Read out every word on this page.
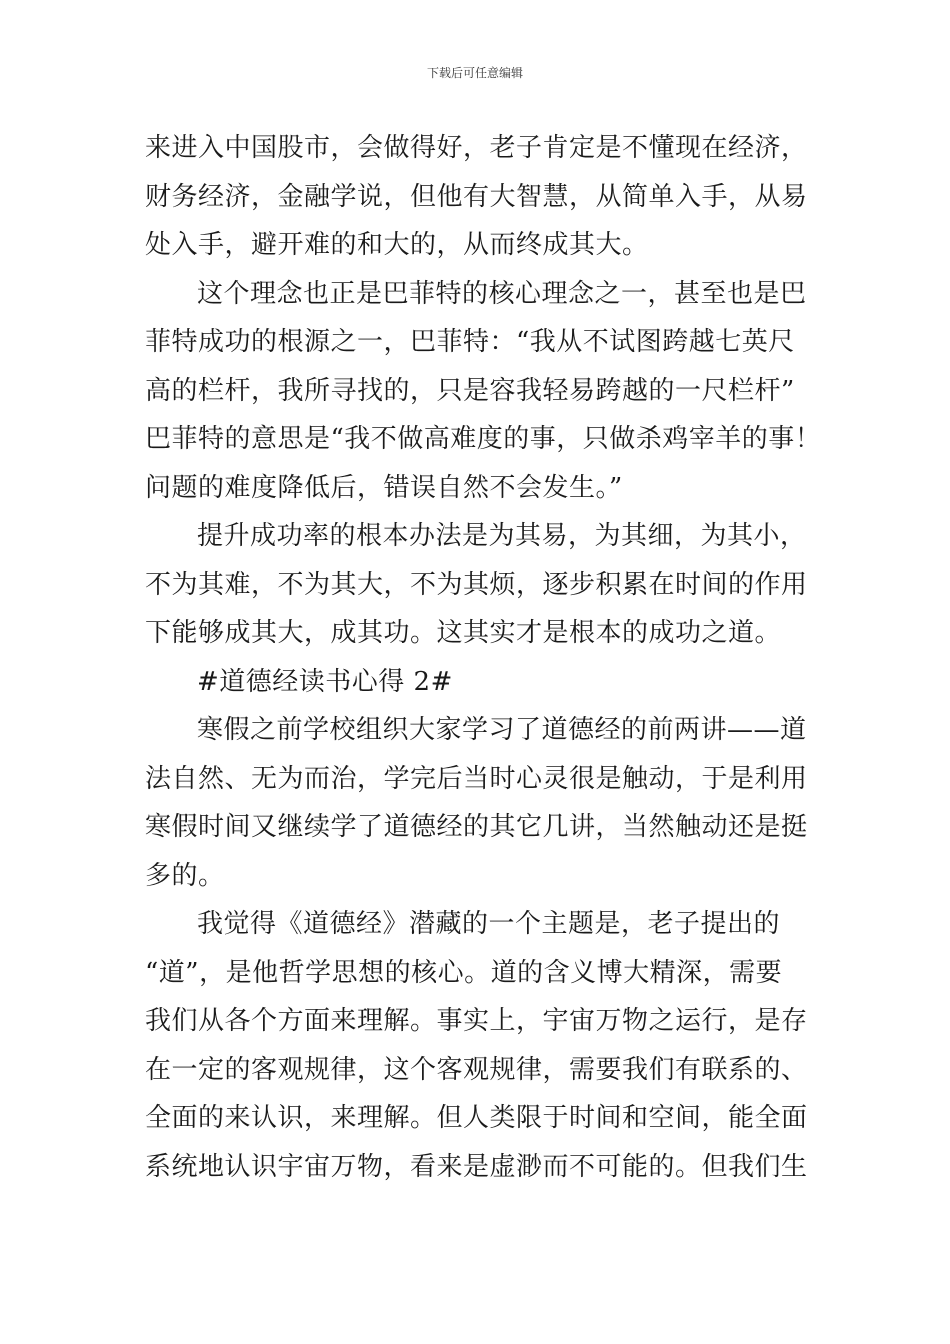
下载后可任意编辑
来进入中国股市，会做得好，老子肯定是不懂现在经济，
财务经济，金融学说，但他有大智慧，从简单入手，从易
处入手，避开难的和大的，从而终成其大。
这个理念也正是巴菲特的核心理念之一，甚至也是巴
菲特成功的根源之一，巴菲特：“我从不试图跨越七英尺
高的栏杆，我所寻找的，只是容我轻易跨越的一尺栏杆”
巴菲特的意思是“我不做高难度的事，只做杀鸡宰羊的事！
问题的难度降低后，错误自然不会发生。”
提升成功率的根本办法是为其易，为其细，为其小，
不为其难，不为其大，不为其烦，逐步积累在时间的作用
下能够成其大，成其功。这其实才是根本的成功之道。
#道德经读书心得 2#
寒假之前学校组织大家学习了道德经的前两讲——道
法自然、无为而治，学完后当时心灵很是触动，于是利用
寒假时间又继续学了道德经的其它几讲，当然触动还是挺
多的。
我觉得《道德经》潜藏的一个主题是，老子提出的
“道”，是他哲学思想的核心。道的含义博大精深，需要
我们从各个方面来理解。事实上，宇宙万物之运行，是存
在一定的客观规律，这个客观规律，需要我们有联系的、
全面的来认识，来理解。但人类限于时间和空间，能全面
系统地认识宇宙万物，看来是虚渺而不可能的。但我们生
